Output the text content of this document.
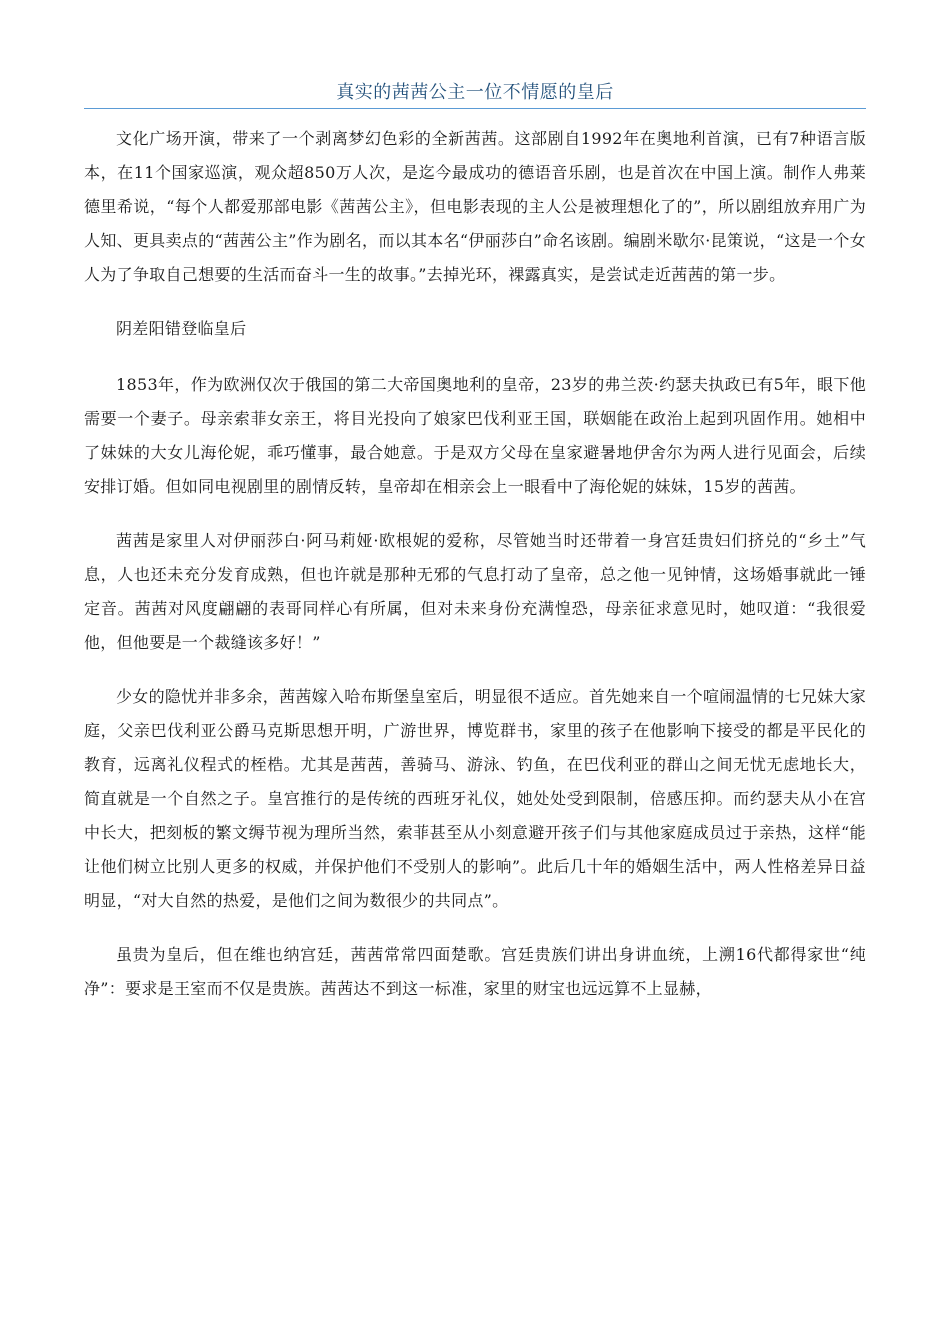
真实的茜茜公主一位不情愿的皇后

文化广场开演，带来了一个剥离梦幻色彩的全新茜茜。这部剧自1992年在奥地利首演，已有7种语言版本，在11个国家巡演，观众超850万人次，是迄今最成功的德语音乐剧，也是首次在中国上演。制作人弗莱德里希说，“每个人都爱那部电影《茜茜公主》，但电影表现的主人公是被理想化了的”，所以剧组放弃用广为人知、更具卖点的“茜茜公主”作为剧名，而以其本名“伊丽莎白”命名该剧。编剧米歇尔·昆策说，“这是一个女人为了争取自己想要的生活而奋斗一生的故事。”去掉光环，裸露真实，是尝试走近茜茜的第一步。

阴差阳错登临皇后

1853年，作为欧洲仅次于俄国的第二大帝国奥地利的皇帝，23岁的弗兰茨·约瑟夫执政已有5年，眼下他需要一个妻子。母亲索菲女亲王，将目光投向了娘家巴伐利亚王国，联姻能在政治上起到巩固作用。她相中了妹妹的大女儿海伦妮，乖巧懂事，最合她意。于是双方父母在皇家避暑地伊舍尔为两人进行见面会，后续安排订婚。但如同电视剧里的剧情反转，皇帝却在相亲会上一眼看中了海伦妮的妹妹，15岁的茜茜。

茜茜是家里人对伊丽莎白·阿马莉娅·欧根妮的爱称，尽管她当时还带着一身宫廷贵妇们挤兑的“乡土”气息，人也还未充分发育成熟，但也许就是那种无邪的气息打动了皇帝，总之他一见钟情，这场婚事就此一锤定音。茜茜对风度翩翩的表哥同样心有所属，但对未来身份充满惶恐，母亲征求意见时，她叹道：“我很爱他，但他要是一个裁缝该多好！”

少女的隐忧并非多余，茜茜嫁入哈布斯堡皇室后，明显很不适应。首先她来自一个喧闹温情的七兄妹大家庭，父亲巴伐利亚公爵马克斯思想开明，广游世界，博览群书，家里的孩子在他影响下接受的都是平民化的教育，远离礼仪程式的桎梏。尤其是茜茜，善骑马、游泳、钓鱼，在巴伐利亚的群山之间无忧无虑地长大，简直就是一个自然之子。皇宫推行的是传统的西班牙礼仪，她处处受到限制，倍感压抑。而约瑟夫从小在宫中长大，把刻板的繁文缛节视为理所当然，索菲甚至从小刻意避开孩子们与其他家庭成员过于亲热，这样“能让他们树立比别人更多的权威，并保护他们不受别人的影响”。此后几十年的婚姻生活中，两人性格差异日益明显，“对大自然的热爱，是他们之间为数很少的共同点”。

虽贵为皇后，但在维也纳宫廷，茜茜常常四面楚歌。宫廷贵族们讲出身讲血统，上溯16代都得家世“纯净”：要求是王室而不仅是贵族。茜茜达不到这一标准，家里的财宝也远远算不上显赫，
